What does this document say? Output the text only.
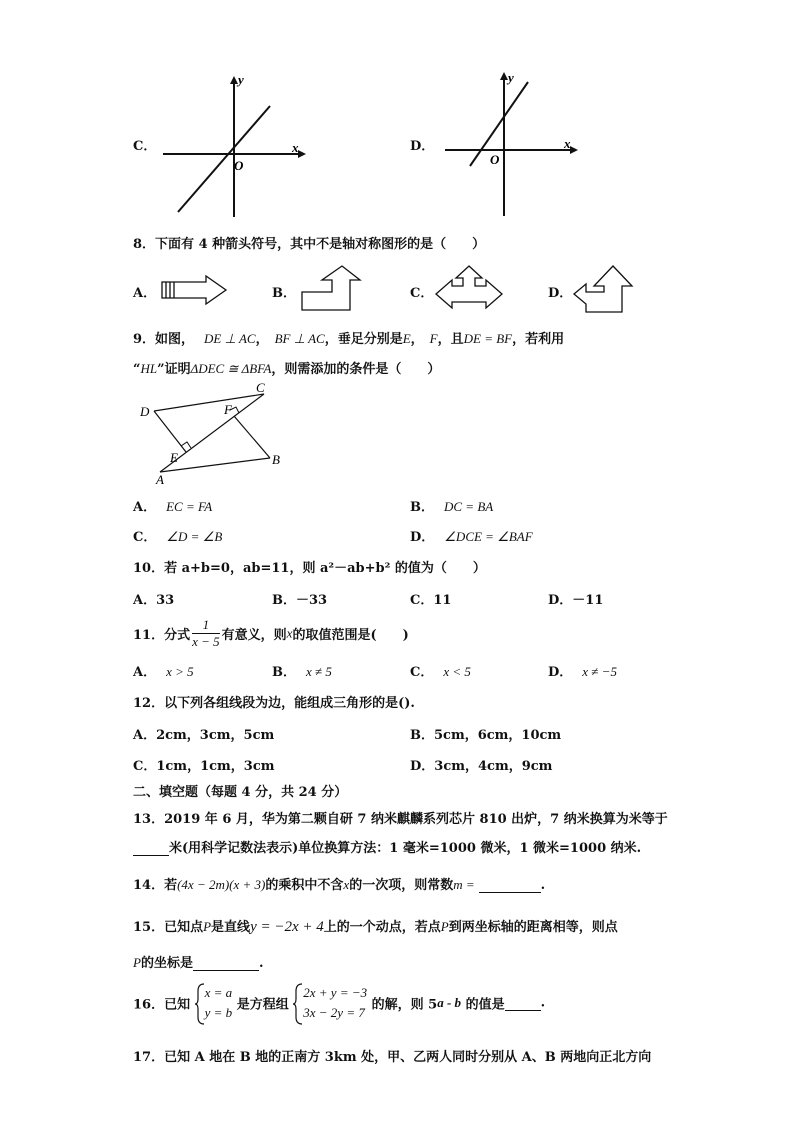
C．
y
x
O
D．
y
x
O
8．下面有 4 种箭头符号，其中不是轴对称图形的是（　　）
A．	B．	C．	D．
9．如图， DE ⊥ AC， BF ⊥ AC，垂足分别是E， F，且DE = BF，若利用
“HL”证明ΔDEC ≅ ΔBFA，则需添加的条件是（　　）
D
C
F
E	B
A
A． EC = FA	B． DC = BA
C． ∠D = ∠B	D． ∠DCE = ∠BAF
10．若 a+b=0，ab=11，则 a²－ab+b² 的值为（　　）
A．33	B．－33	C．11	D．－11
11．分式 $\frac{1}{x - 5}$ 有意义，则x的取值范围是(　　)
A． x > 5	B． x ≠ 5	C． x < 5	D． x ≠ −5
12．以下列各组线段为边，能组成三角形的是().
A．2cm，3cm，5cm	B．5cm，6cm，10cm
C．1cm，1cm，3cm	D．3cm，4cm，9cm
二、填空题（每题 4 分，共 24 分）
13．2019 年 6 月，华为第二颗自研 7 纳米麒麟系列芯片 810 出炉，7 纳米换算为米等于
米(用科学记数法表示)单位换算方法：1 毫米=1000 微米，1 微米=1000 纳米.
14．若(4x − 2m)(x + 3)的乘积中不含x的一次项，则常数m =	.
15．已知点P是直线y = −2x + 4上的一个动点，若点P到两坐标轴的距离相等，则点
P的坐标是	.
16．已知
x = a
y = b 是方程组
2x + y = −3
3x − 2y = 7 的解，则 5a - b 的值是	.
17．已知 A 地在 B 地的正南方 3km 处，甲、乙两人同时分别从 A、B 两地向正北方向
